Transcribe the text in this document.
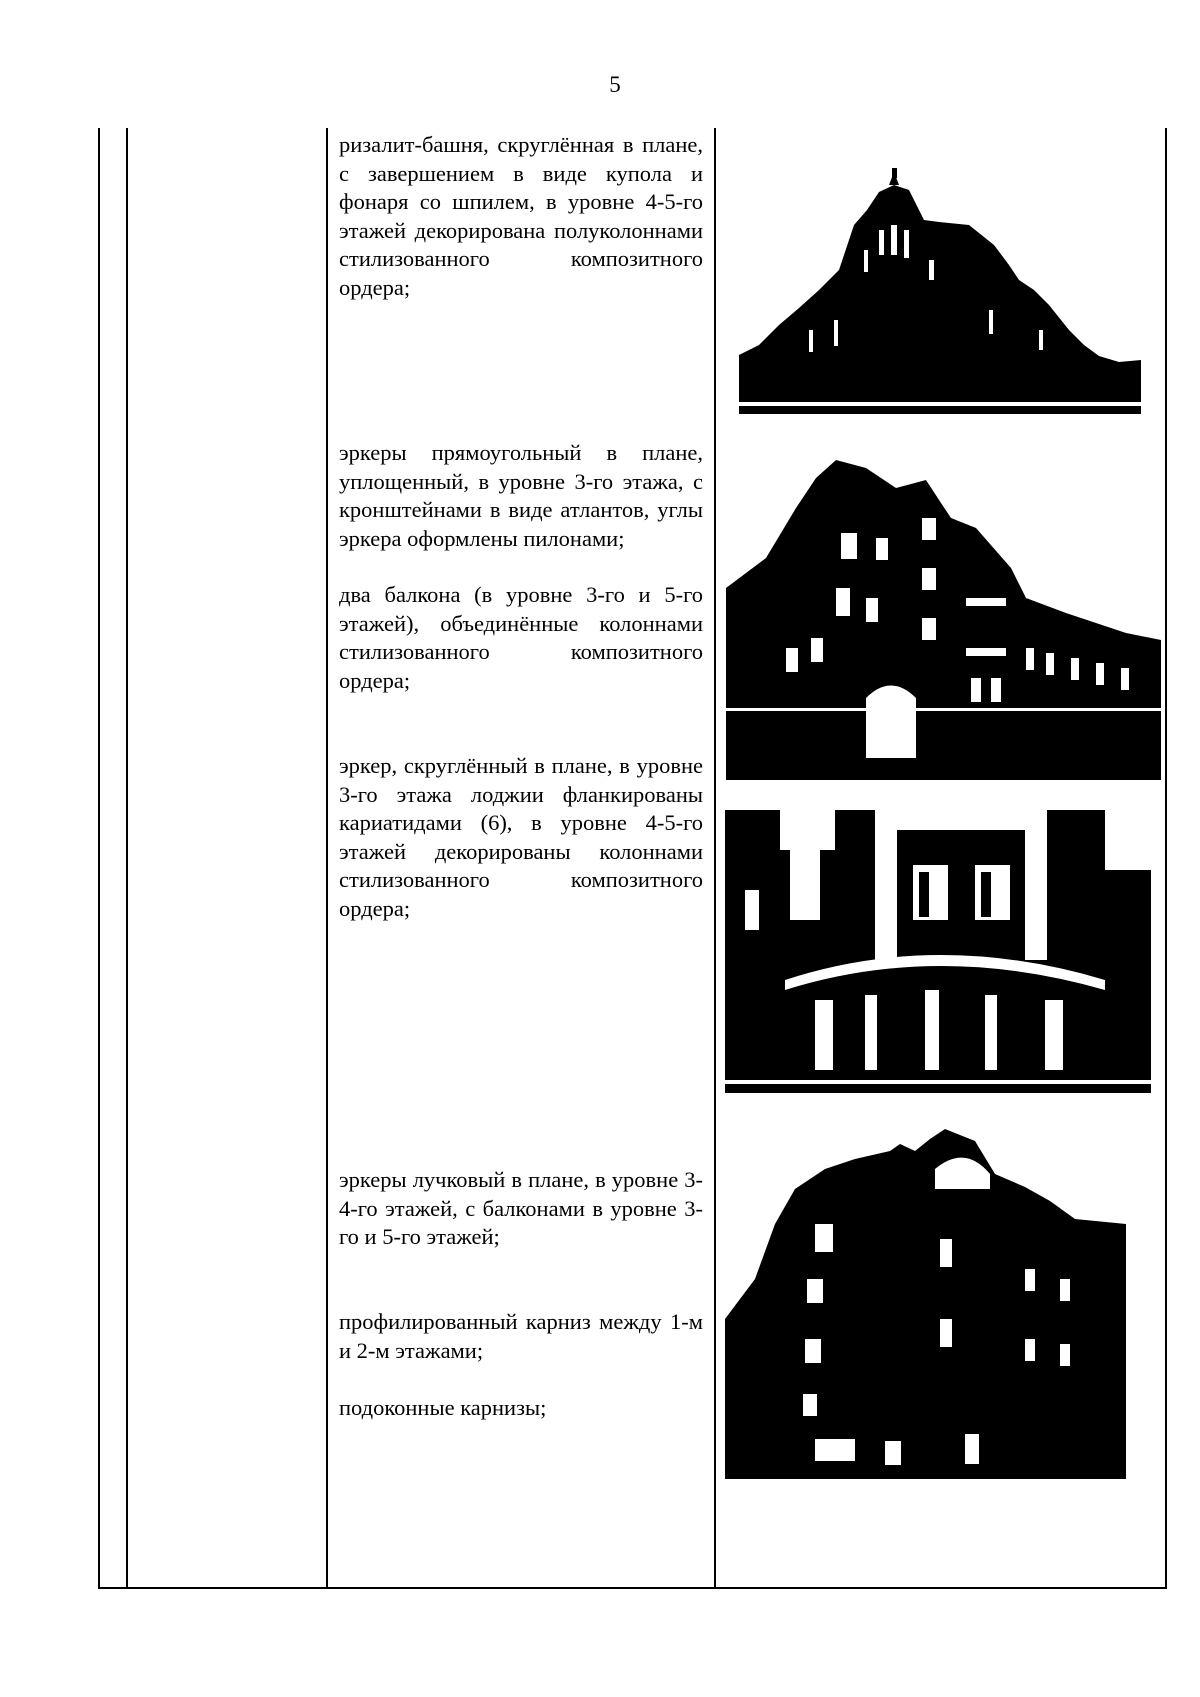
5

ризалит-башня, скруглённая в плане, с завершением в виде купола и фонаря со шпилем, в уровне 4-5-го этажей декорирована полуколоннами стилизованного композитного ордера;

эркеры прямоугольный в плане, уплощенный, в уровне 3-го этажа, с кронштейнами в виде атлантов, углы эркера оформлены пилонами;

два балкона (в уровне 3-го и 5-го этажей), объединённые колоннами стилизованного композитного ордера;

эркер, скруглённый в плане, в уровне 3-го этажа лоджии фланкированы кариатидами (6), в уровне 4-5-го этажей декорированы колоннами стилизованного композитного ордера;

эркеры лучковый в плане, в уровне 3-4-го этажей, с балконами в уровне 3-го и 5-го этажей;

профилированный карниз между 1-м и 2-м этажами;

подоконные карнизы;
